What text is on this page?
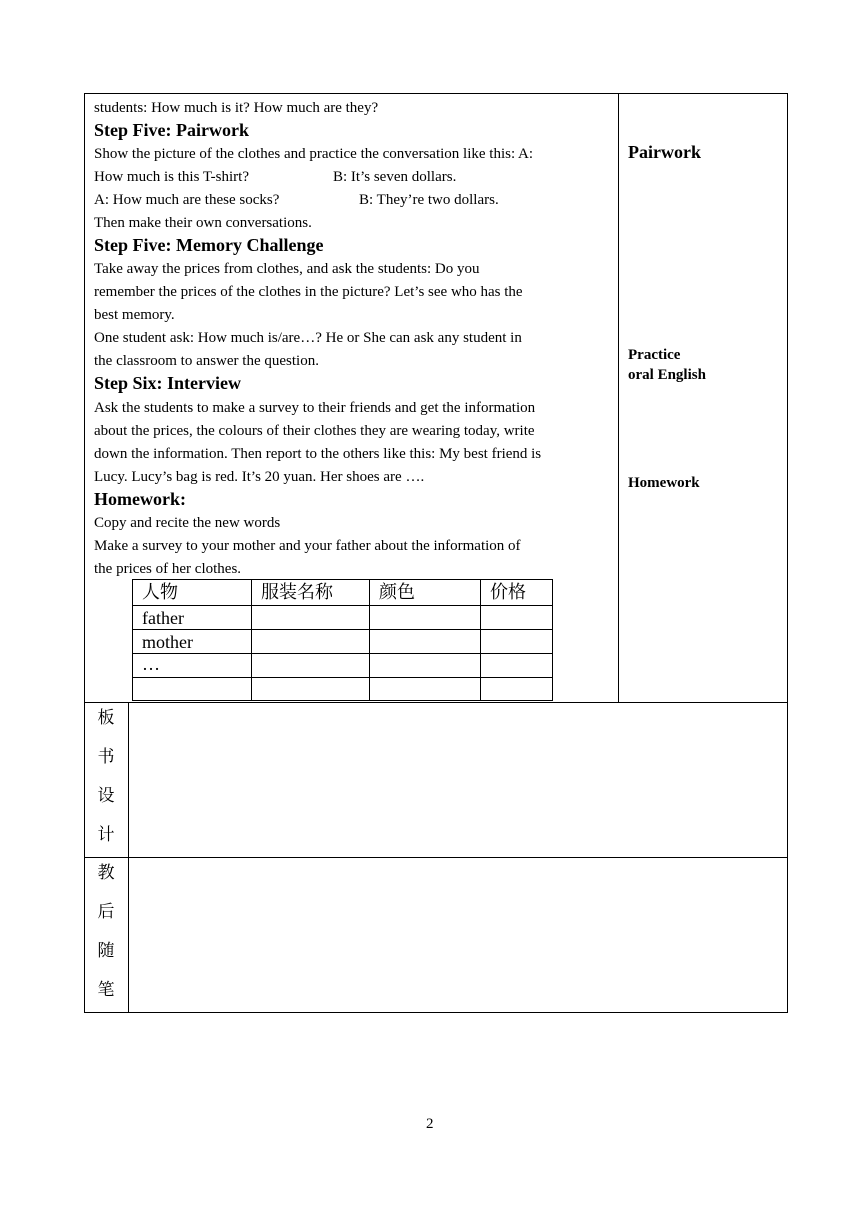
students: How much is it? How much are they?
Step Five: Pairwork
Show the picture of the clothes and practice the conversation like this: A:
How much is this T-shirt?	B: It’s seven dollars.
A: How much are these socks?	B: They’re two dollars.
Then make their own conversations.
Step Five: Memory Challenge
Take away the prices from clothes, and ask the students: Do you
remember the prices of the clothes in the picture? Let’s see who has the
best memory.
One student ask: How much is/are…? He or She can ask any student in
the classroom to answer the question.
Step Six: Interview
Ask the students to make a survey to their friends and get the information
about the prices, the colours of their clothes they are wearing today, write
down the information. Then report to the others like this: My best friend is
Lucy. Lucy’s bag is red. It’s 20 yuan. Her shoes are ….
Homework:
Copy and recite the new words
Make a survey to your mother and your father about the information of
the prices of her clothes.
Pairwork
Practice
oral English
Homework
人物	服装名称	颜色	价格
father
mother
…
板
书
设
计
教
后
随
笔
2
